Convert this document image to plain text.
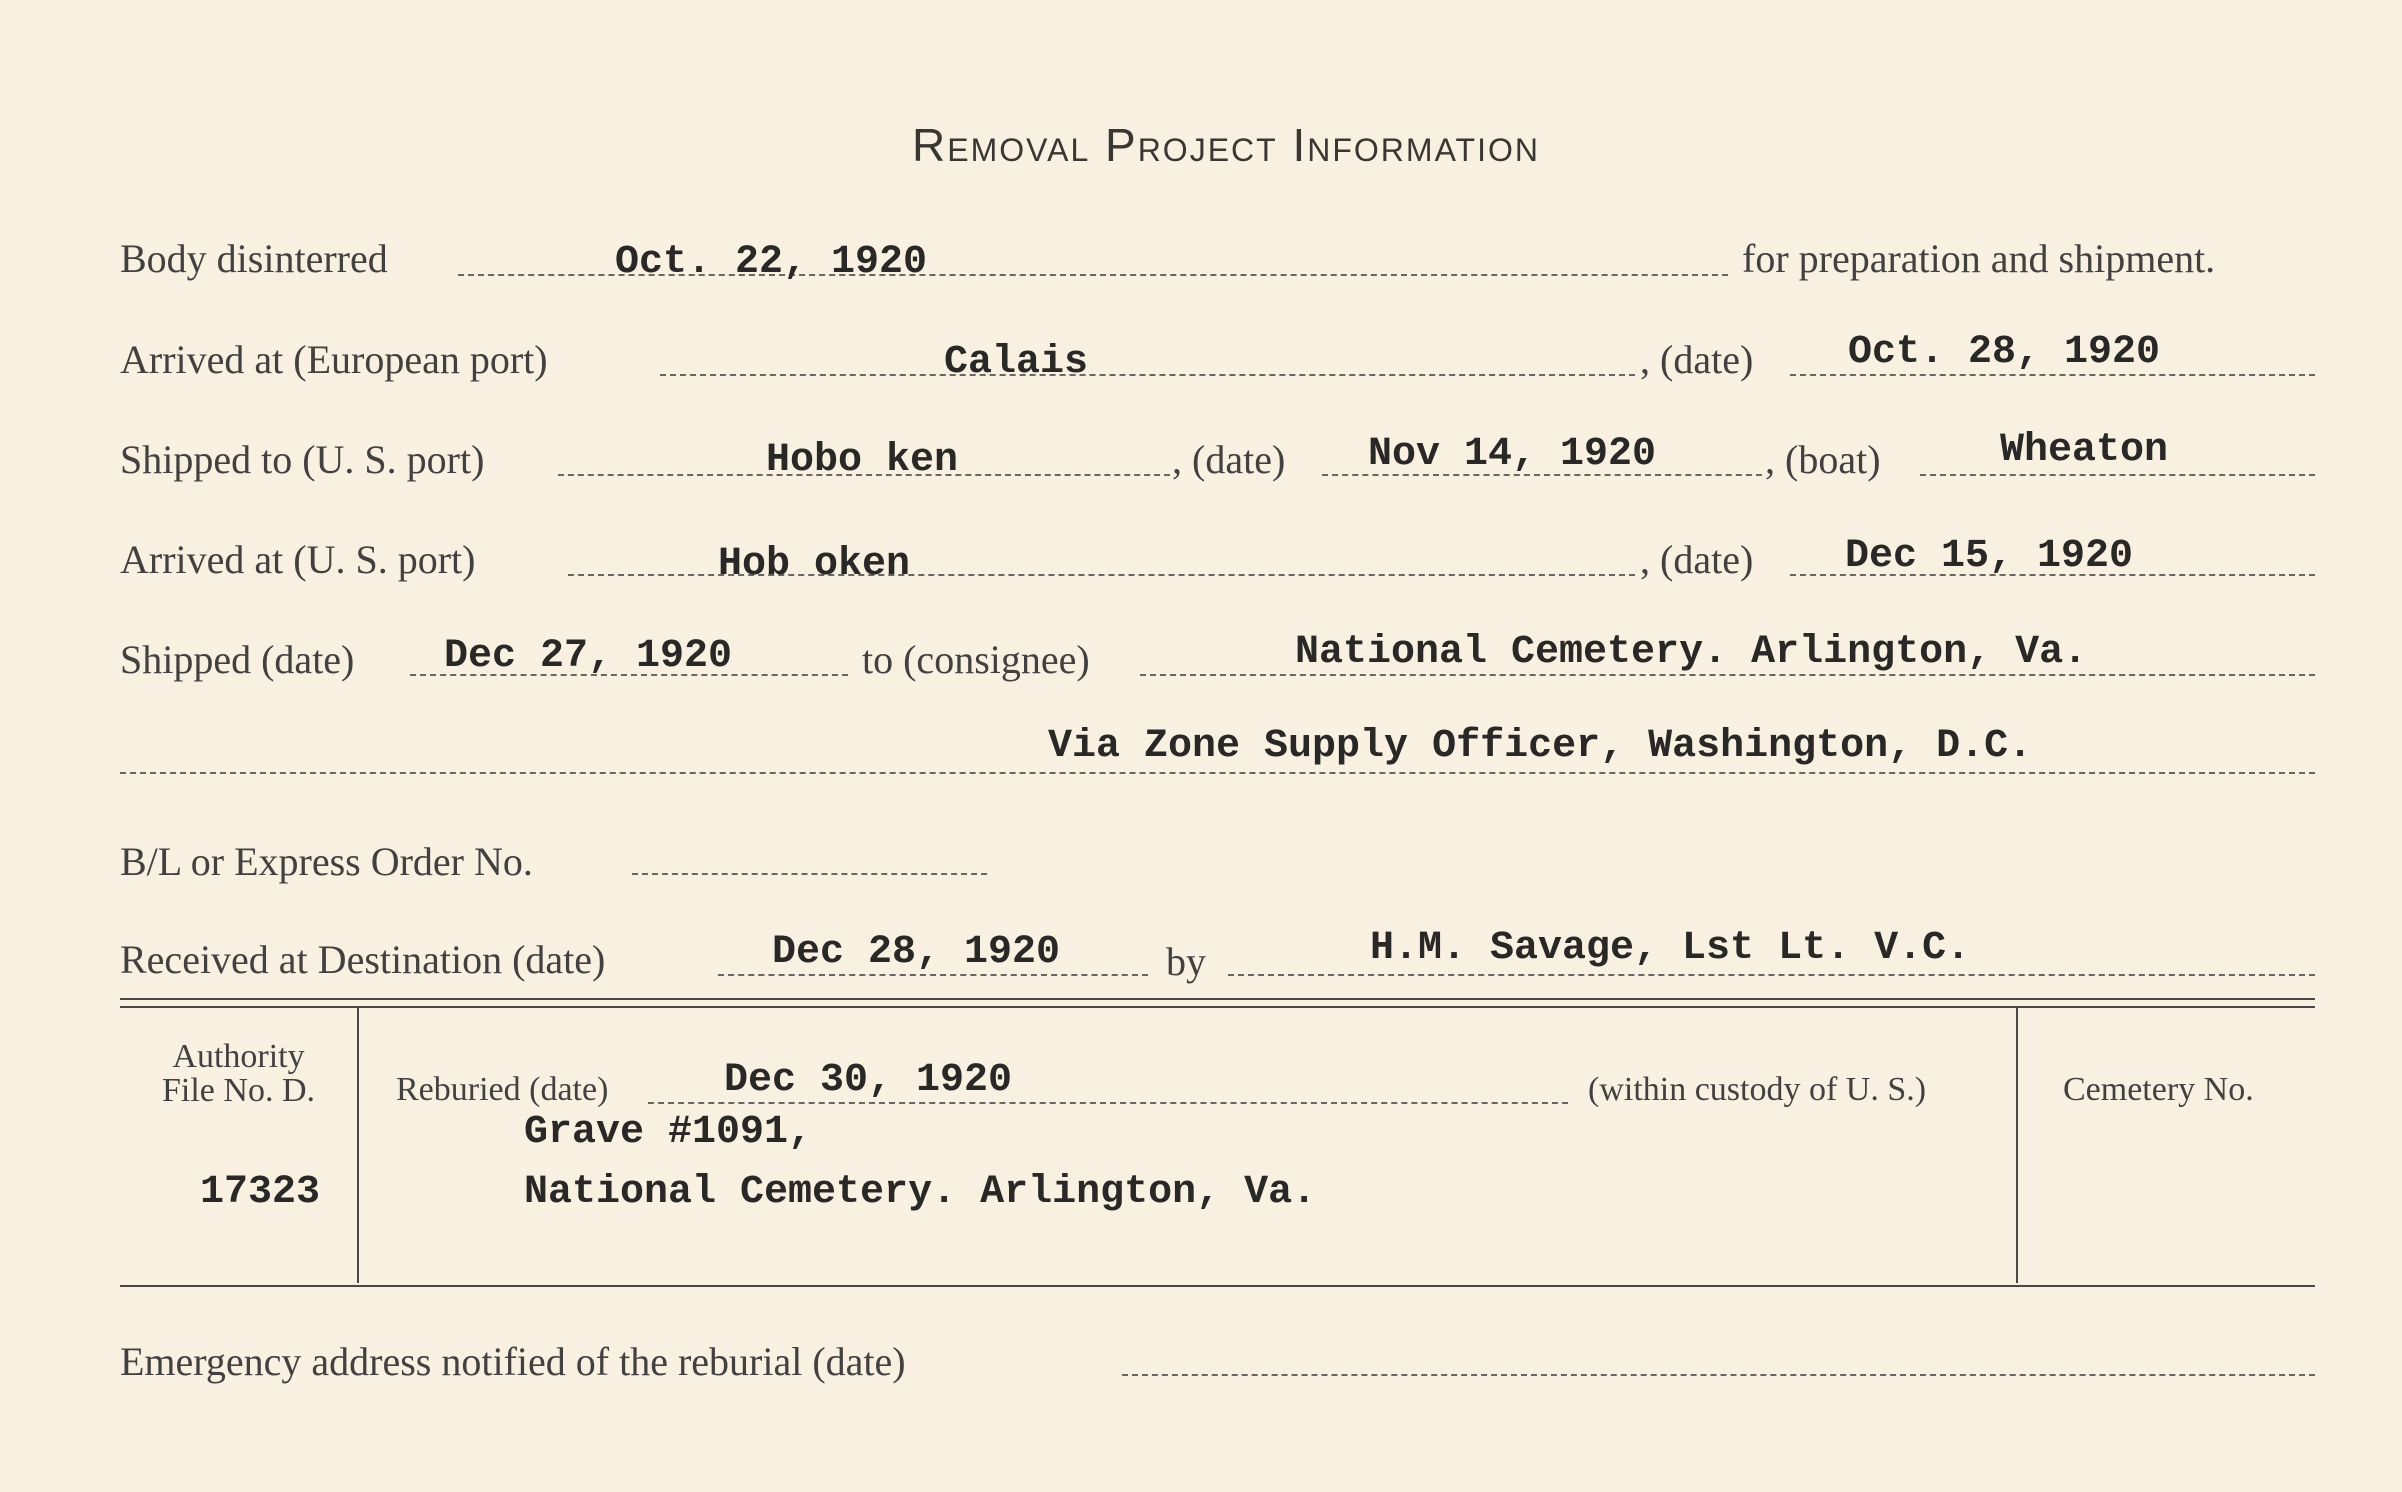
Removal Project Information
Body disinterred	Oct. 22, 1920	for preparation and shipment.
Arrived at (European port)	Calais	, (date) Oct. 28, 1920
Shipped to (U. S. port)	Hobo ken	, (date) Nov 14, 1920	, (boat)	Wheaton
Arrived at (U. S. port)	Hob oken	, (date) Dec 15, 1920
Shipped (date) Dec 27, 1920	to (consignee)	National Cemetery. Arlington, Va.
Via Zone Supply Officer, Washington, D.C.
B/L or Express Order No.
Received at Destination (date)	Dec 28, 1920	by	H.M. Savage, Lst Lt. V.C.
Authority
File No. D.
17323
Reburied (date)	Dec 30, 1920	(within custody of U. S.)
Grave #1091,
National Cemetery. Arlington, Va.
Cemetery No.
Emergency address notified of the reburial (date)
